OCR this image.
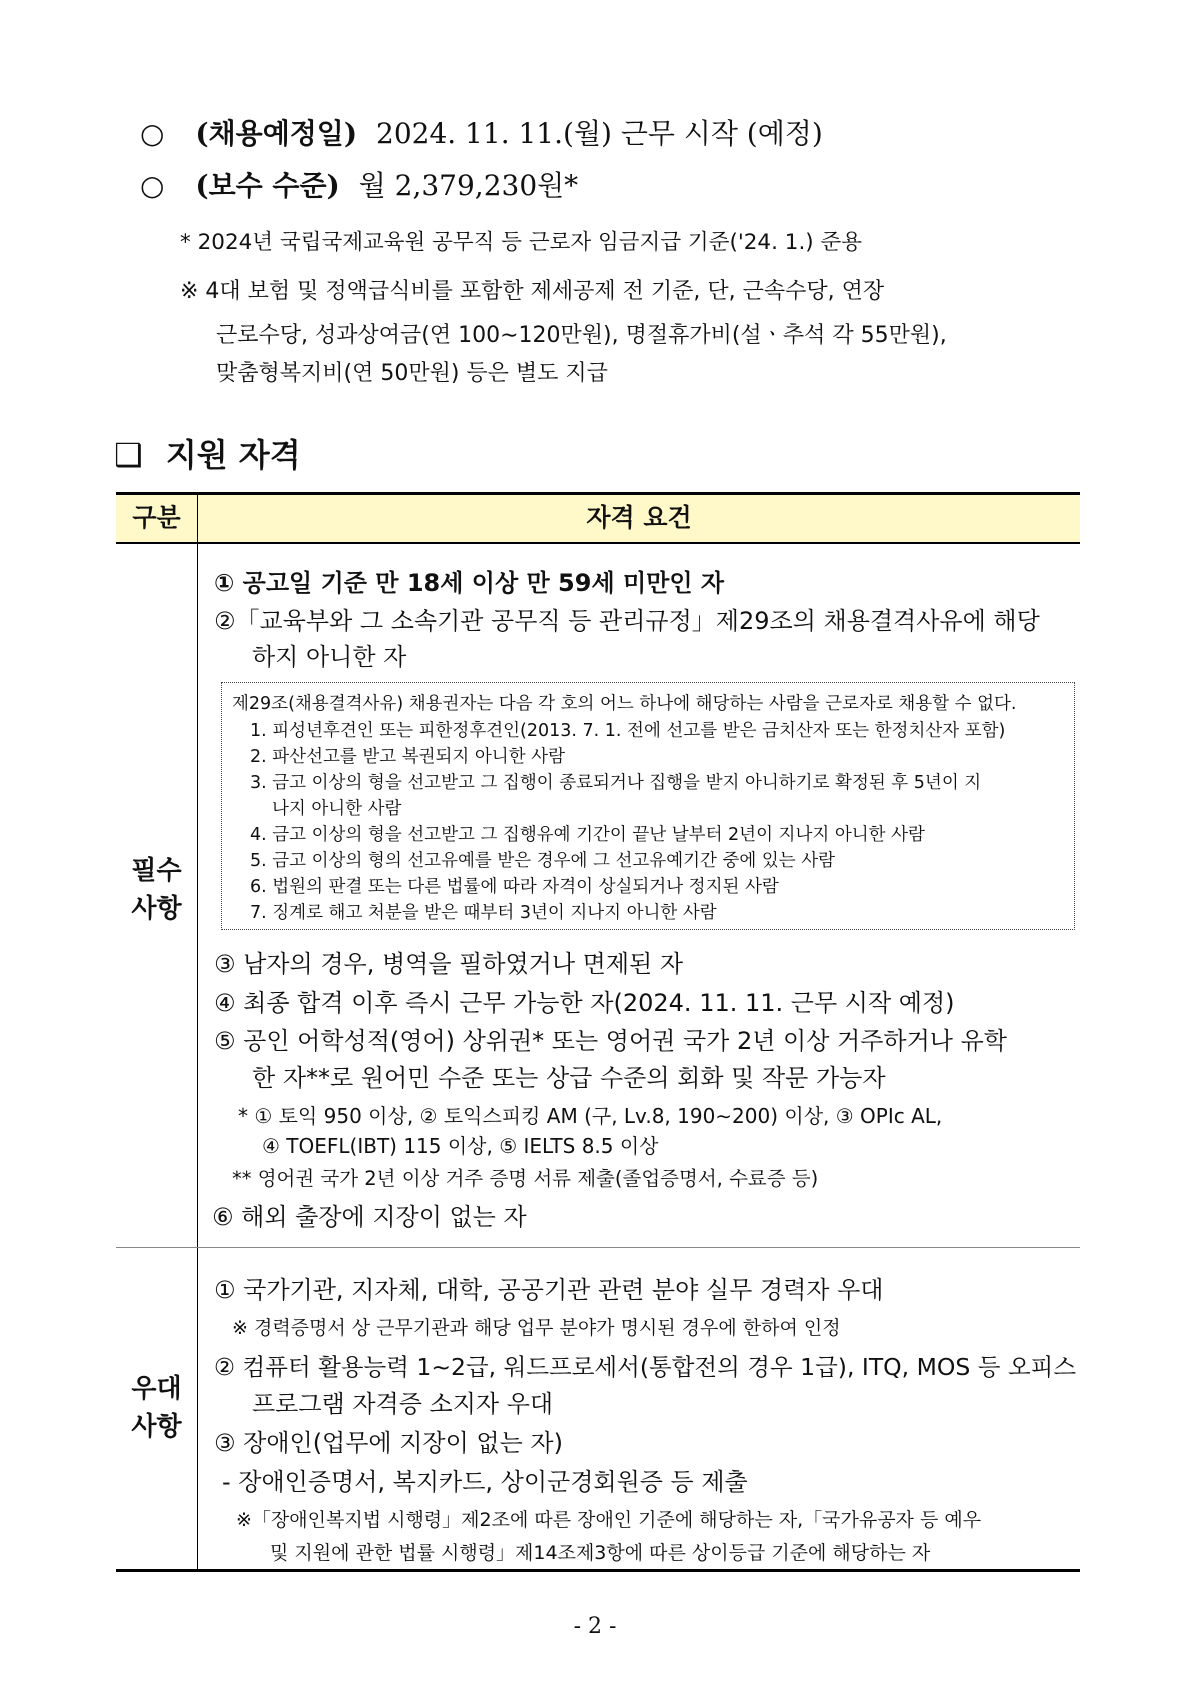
○ (채용예정일) 2024. 11. 11.(월) 근무 시작 (예정)
○ (보수 수준) 월 2,379,230원*
* 2024년 국립국제교육원 공무직 등 근로자 임금지급 기준('24. 1.) 준용
※ 4대 보험 및 정액급식비를 포함한 제세공제 전 기준, 단, 근속수당, 연장
근로수당, 성과상여금(연 100∼120만원), 명절휴가비(설ㆍ추석 각 55만원),
맞춤형복지비(연 50만원) 등은 별도 지급
❑ 지원 자격
구분	자격 요건
필수
사항
우대
사항
① 공고일 기준 만 18세 이상 만 59세 미만인 자
②「교육부와 그 소속기관 공무직 등 관리규정」제29조의 채용결격사유에 해당
하지 아니한 자
제29조(채용결격사유) 채용권자는 다음 각 호의 어느 하나에 해당하는 사람을 근로자로 채용할 수 없다.
1. 피성년후견인 또는 피한정후견인(2013. 7. 1. 전에 선고를 받은 금치산자 또는 한정치산자 포함)
2. 파산선고를 받고 복권되지 아니한 사람
3. 금고 이상의 형을 선고받고 그 집행이 종료되거나 집행을 받지 아니하기로 확정된 후 5년이 지
나지 아니한 사람
4. 금고 이상의 형을 선고받고 그 집행유예 기간이 끝난 날부터 2년이 지나지 아니한 사람
5. 금고 이상의 형의 선고유예를 받은 경우에 그 선고유예기간 중에 있는 사람
6. 법원의 판결 또는 다른 법률에 따라 자격이 상실되거나 정지된 사람
7. 징계로 해고 처분을 받은 때부터 3년이 지나지 아니한 사람
③ 남자의 경우, 병역을 필하였거나 면제된 자
④ 최종 합격 이후 즉시 근무 가능한 자(2024. 11. 11. 근무 시작 예정)
⑤ 공인 어학성적(영어) 상위권* 또는 영어권 국가 2년 이상 거주하거나 유학
한 자**로 원어민 수준 또는 상급 수준의 회화 및 작문 가능자
* ① 토익 950 이상, ② 토익스피킹 AM (구, Lv.8, 190∼200) 이상, ③ OPIc AL,
④ TOEFL(IBT) 115 이상, ⑤ IELTS 8.5 이상
** 영어권 국가 2년 이상 거주 증명 서류 제출(졸업증명서, 수료증 등)
⑥ 해외 출장에 지장이 없는 자
① 국가기관, 지자체, 대학, 공공기관 관련 분야 실무 경력자 우대
※ 경력증명서 상 근무기관과 해당 업무 분야가 명시된 경우에 한하여 인정
② 컴퓨터 활용능력 1~2급, 워드프로세서(통합전의 경우 1급), ITQ, MOS 등 오피스
프로그램 자격증 소지자 우대
③ 장애인(업무에 지장이 없는 자)
- 장애인증명서, 복지카드, 상이군경회원증 등 제출
※「장애인복지법 시행령」제2조에 따른 장애인 기준에 해당하는 자,「국가유공자 등 예우
및 지원에 관한 법률 시행령」제14조제3항에 따른 상이등급 기준에 해당하는 자
- 2 -
